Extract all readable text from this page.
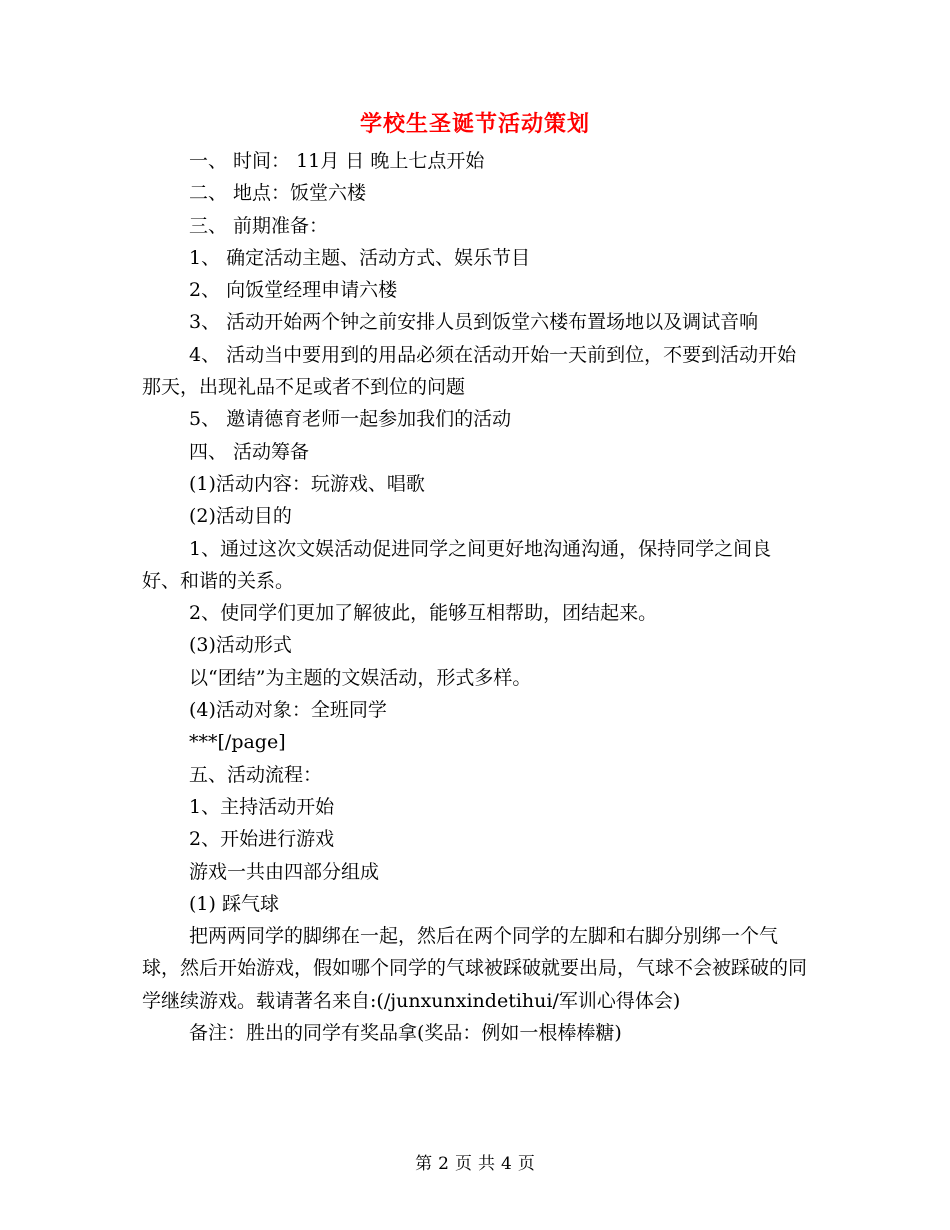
学校生圣诞节活动策划

一、 时间： 11月 日 晚上七点开始

二、 地点：饭堂六楼

三、 前期准备：

1、 确定活动主题、活动方式、娱乐节目

2、 向饭堂经理申请六楼

3、 活动开始两个钟之前安排人员到饭堂六楼布置场地以及调试音响

4、 活动当中要用到的用品必须在活动开始一天前到位，不要到活动开始那天，出现礼品不足或者不到位的问题

5、 邀请德育老师一起参加我们的活动

四、 活动筹备

(1)活动内容：玩游戏、唱歌

(2)活动目的

1、通过这次文娱活动促进同学之间更好地沟通沟通，保持同学之间良好、和谐的关系。

2、使同学们更加了解彼此，能够互相帮助，团结起来。

(3)活动形式

以“团结”为主题的文娱活动，形式多样。

(4)活动对象：全班同学

***[/page]

五、活动流程：

1、主持活动开始

2、开始进行游戏

游戏一共由四部分组成

(1) 踩气球

把两两同学的脚绑在一起，然后在两个同学的左脚和右脚分别绑一个气球，然后开始游戏，假如哪个同学的气球被踩破就要出局，气球不会被踩破的同学继续游戏。载请著名来自:(/junxunxindetihui/军训心得体会)

备注：胜出的同学有奖品拿(奖品：例如一根棒棒糖)

第 2 页 共 4 页
